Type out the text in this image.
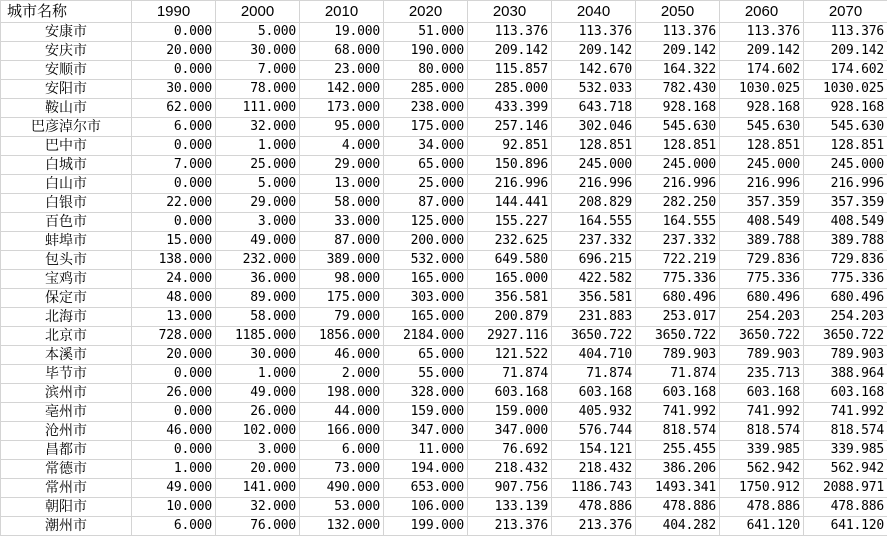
城市名称	1990	2000	2010	2020	2030	2040	2050	2060	2070
安康市	0.000	5.000	19.000	51.000	113.376	113.376	113.376	113.376	113.376
安庆市	20.000	30.000	68.000	190.000	209.142	209.142	209.142	209.142	209.142
安顺市	0.000	7.000	23.000	80.000	115.857	142.670	164.322	174.602	174.602
安阳市	30.000	78.000	142.000	285.000	285.000	532.033	782.430	1030.025	1030.025
鞍山市	62.000	111.000	173.000	238.000	433.399	643.718	928.168	928.168	928.168
巴彦淖尔市	6.000	32.000	95.000	175.000	257.146	302.046	545.630	545.630	545.630
巴中市	0.000	1.000	4.000	34.000	92.851	128.851	128.851	128.851	128.851
白城市	7.000	25.000	29.000	65.000	150.896	245.000	245.000	245.000	245.000
白山市	0.000	5.000	13.000	25.000	216.996	216.996	216.996	216.996	216.996
白银市	22.000	29.000	58.000	87.000	144.441	208.829	282.250	357.359	357.359
百色市	0.000	3.000	33.000	125.000	155.227	164.555	164.555	408.549	408.549
蚌埠市	15.000	49.000	87.000	200.000	232.625	237.332	237.332	389.788	389.788
包头市	138.000	232.000	389.000	532.000	649.580	696.215	722.219	729.836	729.836
宝鸡市	24.000	36.000	98.000	165.000	165.000	422.582	775.336	775.336	775.336
保定市	48.000	89.000	175.000	303.000	356.581	356.581	680.496	680.496	680.496
北海市	13.000	58.000	79.000	165.000	200.879	231.883	253.017	254.203	254.203
北京市	728.000	1185.000	1856.000	2184.000	2927.116	3650.722	3650.722	3650.722	3650.722
本溪市	20.000	30.000	46.000	65.000	121.522	404.710	789.903	789.903	789.903
毕节市	0.000	1.000	2.000	55.000	71.874	71.874	71.874	235.713	388.964
滨州市	26.000	49.000	198.000	328.000	603.168	603.168	603.168	603.168	603.168
亳州市	0.000	26.000	44.000	159.000	159.000	405.932	741.992	741.992	741.992
沧州市	46.000	102.000	166.000	347.000	347.000	576.744	818.574	818.574	818.574
昌都市	0.000	3.000	6.000	11.000	76.692	154.121	255.455	339.985	339.985
常德市	1.000	20.000	73.000	194.000	218.432	218.432	386.206	562.942	562.942
常州市	49.000	141.000	490.000	653.000	907.756	1186.743	1493.341	1750.912	2088.971
朝阳市	10.000	32.000	53.000	106.000	133.139	478.886	478.886	478.886	478.886
潮州市	6.000	76.000	132.000	199.000	213.376	213.376	404.282	641.120	641.120
